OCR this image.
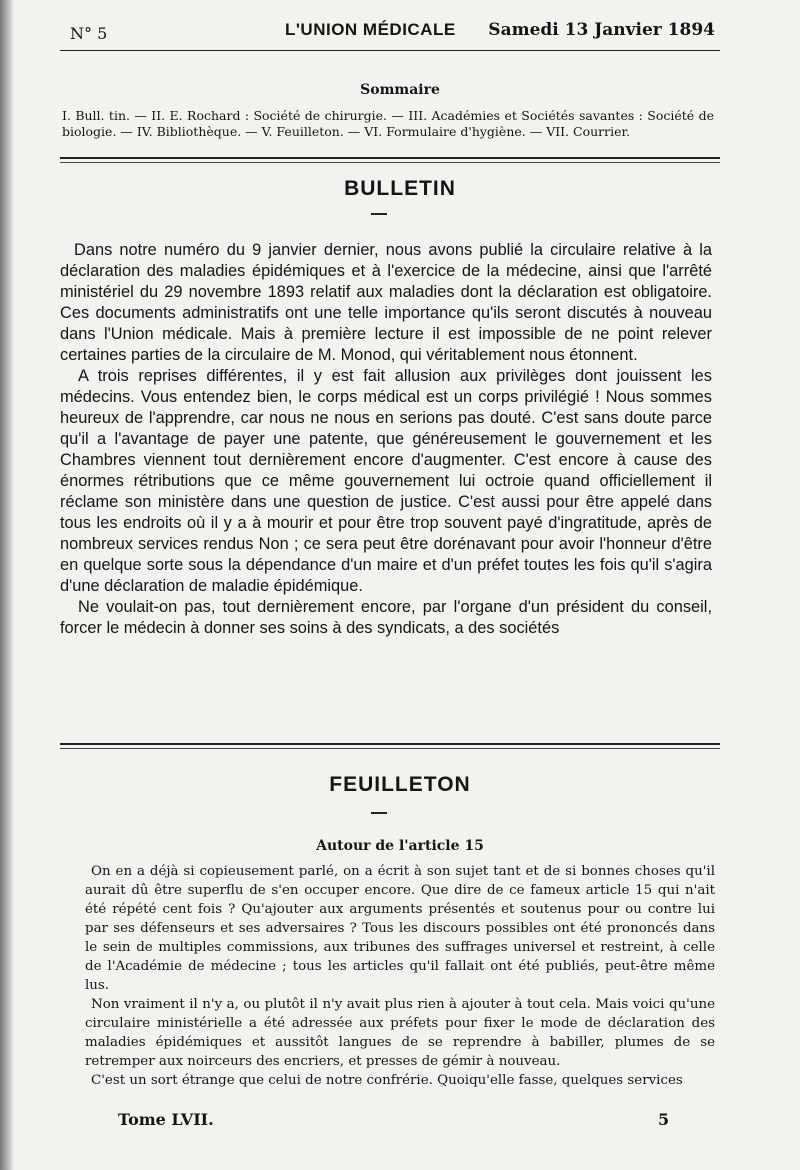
N° 5	L'UNION MÉDICALE Samedi 13 Janvier 1894
Sommaire
I. Bull. tin. — II. E. Rochard : Société de chirurgie. — III. Académies et Sociétés savantes : Société de biologie. — IV. Bibliothèque. — V. Feuilleton. — VI. Formulaire d'hygiène. — VII. Courrier.
BULLETIN

Dans notre numéro du 9 janvier dernier, nous avons publié la circulaire relative à la déclaration des maladies épidémiques et à l'exercice de la médecine, ainsi que l'arrêté ministériel du 29 novembre 1893 relatif aux maladies dont la déclaration est obligatoire. Ces documents administratifs ont une telle importance qu'ils seront discutés à nouveau dans l'Union médicale. Mais à première lecture il est impossible de ne point relever certaines parties de la circulaire de M. Monod, qui véritablement nous étonnent.

A trois reprises différentes, il y est fait allusion aux privilèges dont jouissent les médecins. Vous entendez bien, le corps médical est un corps privilégié ! Nous sommes heureux de l'apprendre, car nous ne nous en serions pas douté. C'est sans doute parce qu'il a l'avantage de payer une patente, que généreusement le gouvernement et les Chambres viennent tout dernièrement encore d'augmenter. C'est encore à cause des énormes rétributions que ce même gouvernement lui octroie quand officiellement il réclame son ministère dans une question de justice. C'est aussi pour être appelé dans tous les endroits où il y a à mourir et pour être trop souvent payé d'ingratitude, après de nombreux services rendus Non ; ce sera peut être dorénavant pour avoir l'honneur d'être en quelque sorte sous la dépendance d'un maire et d'un préfet toutes les fois qu'il s'agira d'une déclaration de maladie épidémique.

Ne voulait-on pas, tout dernièrement encore, par l'organe d'un président du conseil, forcer le médecin à donner ses soins à des syndicats, a des sociétés

FEUILLETON
Autour de l'article 15

On en a déjà si copieusement parlé, on a écrit à son sujet tant et de si bonnes choses qu'il aurait dû être superflu de s'en occuper encore. Que dire de ce fameux article 15 qui n'ait été répété cent fois ? Qu'ajouter aux arguments présentés et soutenus pour ou contre lui par ses défenseurs et ses adversaires ? Tous les discours possibles ont été prononcés dans le sein de multiples commissions, aux tribunes des suffrages universel et restreint, à celle de l'Académie de médecine ; tous les articles qu'il fallait ont été publiés, peut-être même lus.

Non vraiment il n'y a, ou plutôt il n'y avait plus rien à ajouter à tout cela. Mais voici qu'une circulaire ministérielle a été adressée aux préfets pour fixer le mode de déclaration des maladies épidémiques et aussitôt langues de se reprendre à babiller, plumes de se retremper aux noirceurs des encriers, et presses de gémir à nouveau.

C'est un sort étrange que celui de notre confrérie. Quoiqu'elle fasse, quelques services

Tome LVII.	5
